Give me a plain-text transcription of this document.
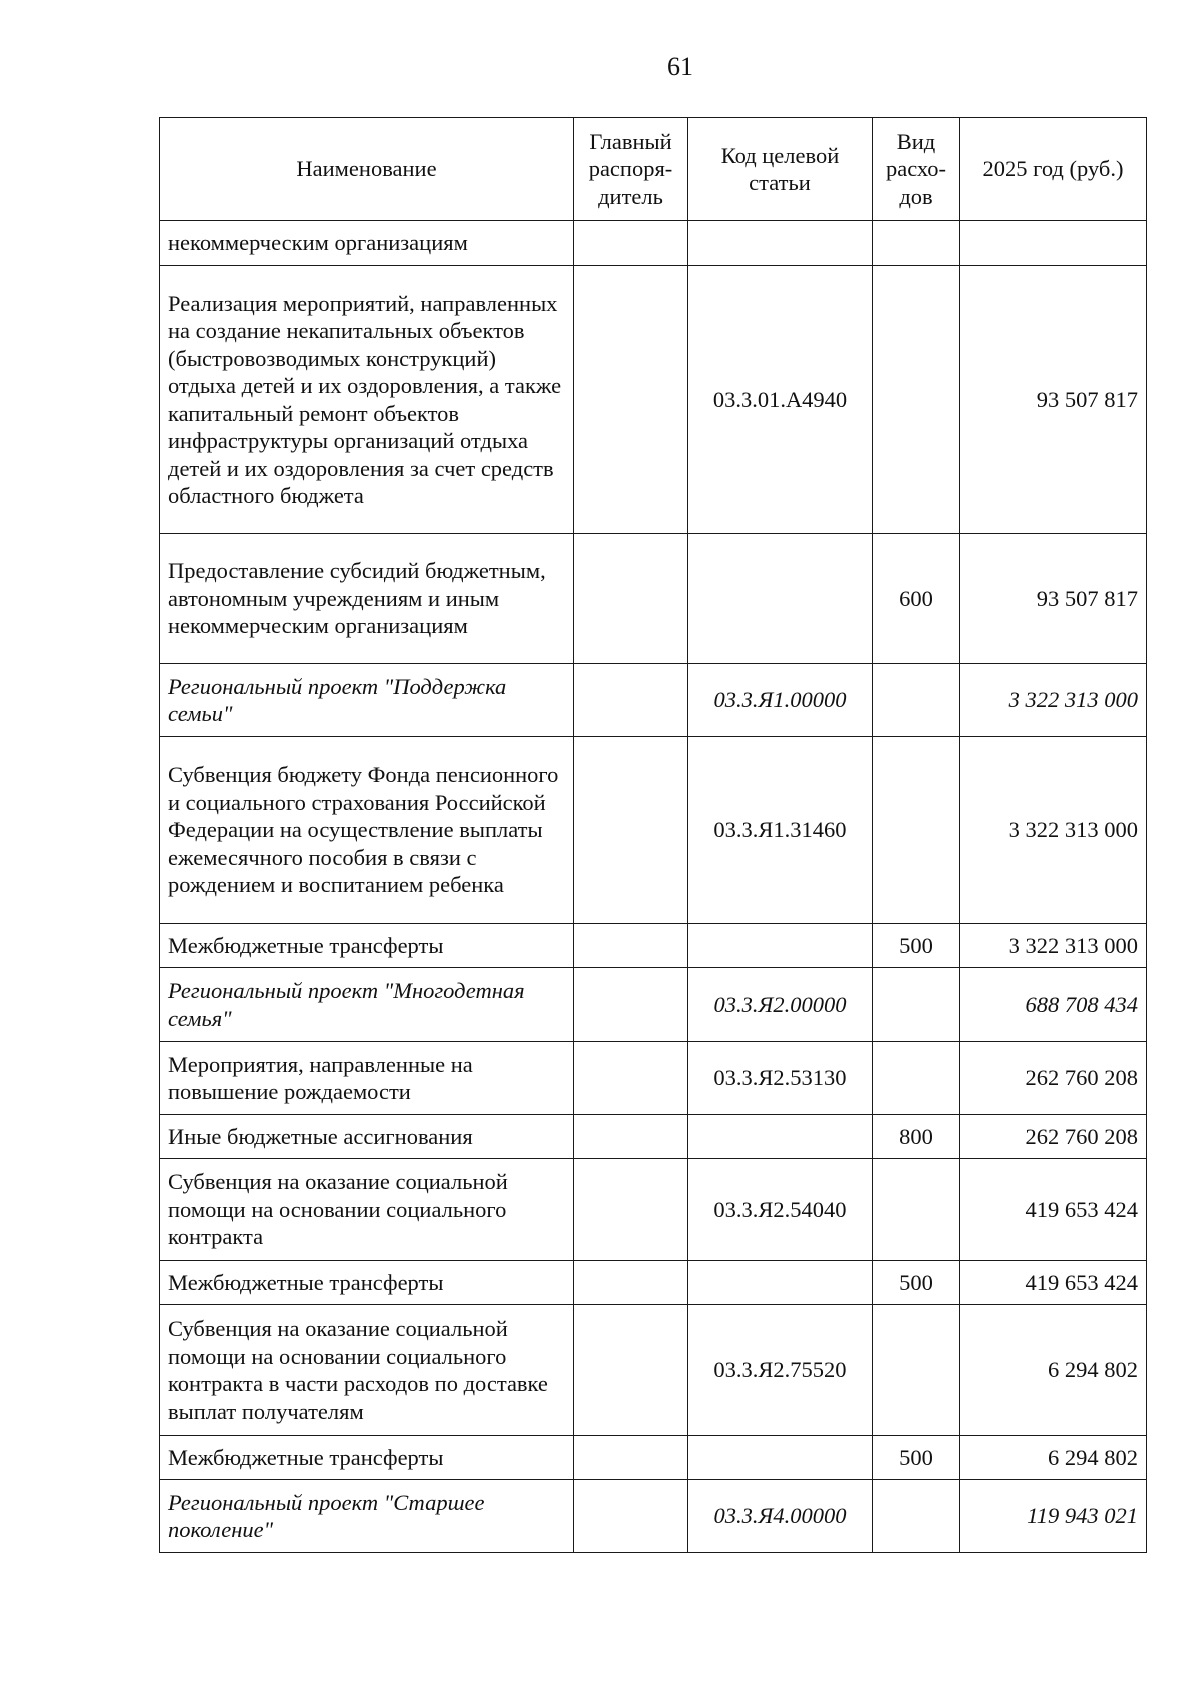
61
Наименование	Главный распоря-дитель	Код целевой статьи	Вид расхо-дов	2025 год (руб.)
некоммерческим организациям				
Реализация мероприятий, направленных на создание некапитальных объектов (быстровозводимых конструкций) отдыха детей и их оздоровления, а также капитальный ремонт объектов инфраструктуры организаций отдыха детей и их оздоровления за счет средств областного бюджета		03.3.01.А4940		93 507 817
Предоставление субсидий бюджетным, автономным учреждениям и иным некоммерческим организациям			600	93 507 817
Региональный проект "Поддержка семьи"		03.3.Я1.00000		3 322 313 000
Субвенция бюджету Фонда пенсионного и социального страхования Российской Федерации на осуществление выплаты ежемесячного пособия в связи с рождением и воспитанием ребенка		03.3.Я1.31460		3 322 313 000
Межбюджетные трансферты			500	3 322 313 000
Региональный проект "Многодетная семья"		03.3.Я2.00000		688 708 434
Мероприятия, направленные на повышение рождаемости		03.3.Я2.53130		262 760 208
Иные бюджетные ассигнования			800	262 760 208
Субвенция на оказание социальной помощи на основании социального контракта		03.3.Я2.54040		419 653 424
Межбюджетные трансферты			500	419 653 424
Субвенция на оказание социальной помощи на основании социального контракта в части расходов по доставке выплат получателям		03.3.Я2.75520		6 294 802
Межбюджетные трансферты			500	6 294 802
Региональный проект "Старшее поколение"		03.3.Я4.00000		119 943 021
